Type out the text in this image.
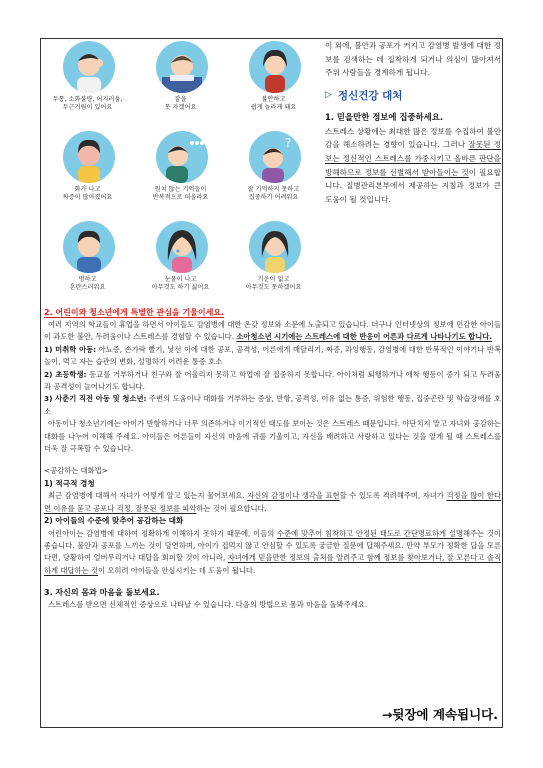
두통, 소화불량, 어지러움,
두근거림이 있어요
잠을
못 자겠어요
불안하고
쉽게 놀라게 돼요
화가 나고
짜증이 많아졌어요
원치 않는 기억들이
반복적으로 떠올라요
?
잘 기억하지 못하고
집중하기 어려워요
멍하고
혼란스러워요
눈물이 나고
아무것도 하기 싫어요
기운이 없고
아무것도 못하겠어요

이 외에, 불안과 공포가 커지고 감염병 발생에 대한 정보를 검색하는 데 집착하게 되거나 의심이 많아져서 주위 사람들을 경계하게 됩니다.

▷ 정신건강 대처
1. 믿을만한 정보에 집중하세요.

스트레스 상황에는 최대한 많은 정보를 수집하여 불안감을 해소하려는 경향이 있습니다. 그러나 잘못된 정보는 정신적인 스트레스를 가중시키고 올바른 판단을 방해하므로 정보를 선별해서 받아들이는 것이 필요합니다. 질병관리본부에서 제공하는 지침과 정보가 큰 도움이 될 것입니다.

2. 어린이와 청소년에게 특별한 관심을 기울이세요.

여러 지역의 학교들이 휴업을 하면서 아이들도 감염병에 대한 온갖 정보와 소문에 노출되고 있습니다. 더구나 인터넷상의 정보에 민감한 아이들이 과도한 불안, 두려움이나 스트레스를 경험할 수 있습니다. 소아청소년 시기에는 스트레스에 대한 반응이 어른과 다르게 나타나기도 합니다.

1) 미취학 아동: 아뇨증, 손가락 빨기, 낯선 이에 대한 공포, 공격성, 어른에게 매달리기, 짜증, 과잉행동, 감염병에 대한 반복적인 이야기나 반복놀이, 먹고 자는 습관의 변화, 설명하기 어려운 통증 호소

2) 초등학생: 등교를 거부하거나 친구와 잘 어울리지 못하고 학업에 잘 집중하지 못합니다. 아이처럼 퇴행하거나 애착 행동이 증가 되고 두려움과 공격성이 늘어나기도 합니다.

3) 사춘기 직전 아동 및 청소년: 주변의 도움이나 대화를 거부하는 증상, 반항, 공격성, 이유 없는 통증, 위험한 행동, 집중곤란 및 학습장애를 호소

아동이나 청소년기에는 아이가 반항하거나 너무 의존하거나 이기적인 태도를 보이는 것은 스트레스 때문입니다. 야단치지 말고 자녀와 공감하는 대화를 나누어 이해해 주세요. 아이들은 어른들이 자신의 마음에 귀를 기울이고, 자신을 배려하고 사랑하고 있다는 것을 알게 될 때 스트레스를 더욱 잘 극복할 수 있습니다.

<공감하는 대화법>
1) 적극적 경청

최근 감염병에 대해서 자녀가 어떻게 알고 있는지 물어보세요. 자신의 감정이나 생각을 표현할 수 있도록 격려해주며, 자녀가 걱정을 많이 한다면 이유를 묻고 공포나 걱정, 잘못된 정보를 파악하는 것이 필요합니다.

2) 아이들의 수준에 맞추어 공감하는 대화

어린아이는 감염병에 대하여 정확하게 이해하지 못하기 때문에, 이들의 수준에 맞추어 침착하고 안정된 태도로 간단명료하게 설명해주는 것이 좋습니다. 불안과 공포를 느끼는 것이 당연하며, 아이가 겁먹지 않고 안심할 수 있도록 궁금한 질문에 답해주세요. 만약 부모가 정확한 답을 모른다면, 당황하여 얼버무리거나 대답을 회피할 것이 아니라, 자녀에게 믿을만한 정보의 출처를 알려주고 함께 정보를 찾아보거나, 잘 모른다고 솔직하게 대답하는 것이 오히려 아이들을 안심시키는 데 도움이 됩니다.

3. 자신의 몸과 마음을 돌보세요.

스트레스를 받으면 신체적인 증상으로 나타날 수 있습니다. 다음의 방법으로 몸과 마음을 돌봐주세요.

→뒷장에 계속됩니다.
